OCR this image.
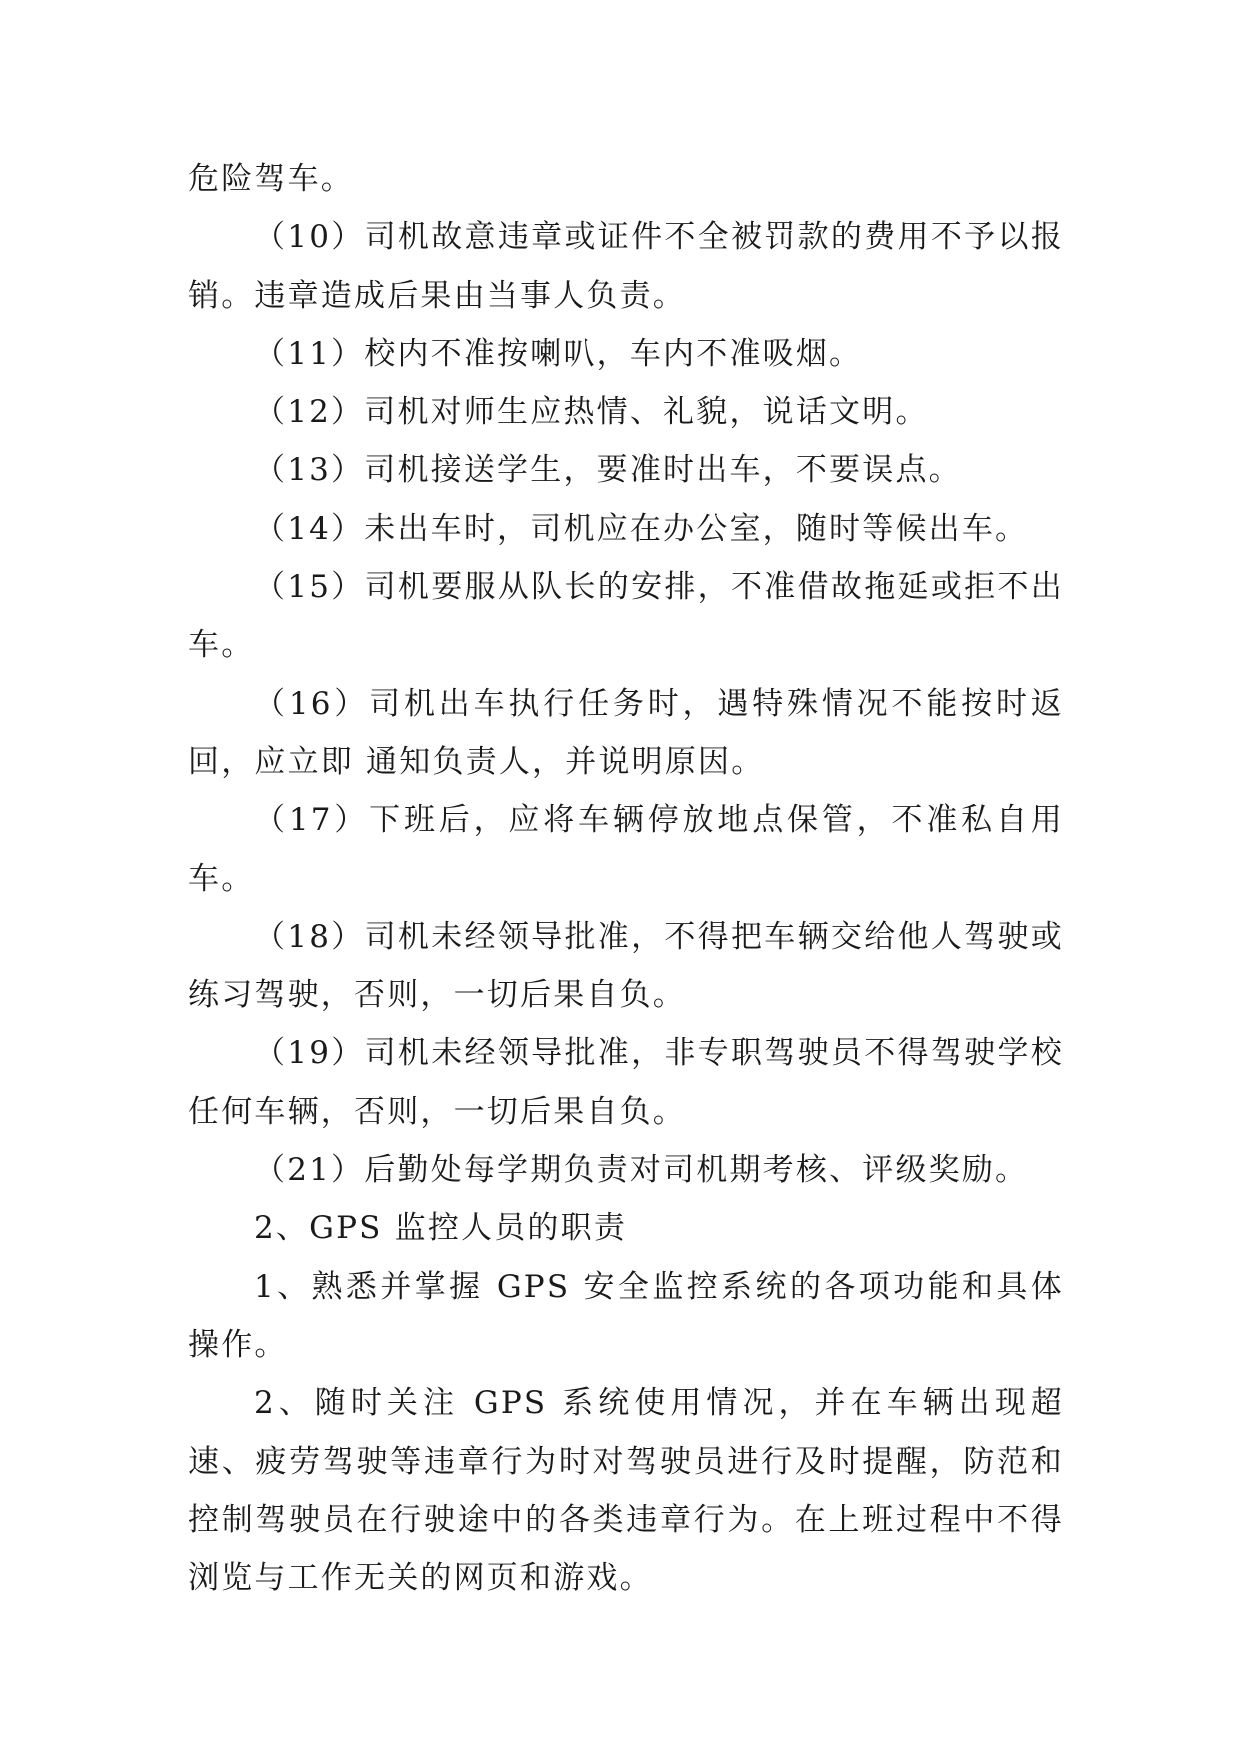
危险驾车。

（10）司机故意违章或证件不全被罚款的费用不予以报销。违章造成后果由当事人负责。

（11）校内不准按喇叭，车内不准吸烟。

（12）司机对师生应热情、礼貌，说话文明。

（13）司机接送学生，要准时出车，不要误点。

（14）未出车时，司机应在办公室，随时等候出车。

（15）司机要服从队长的安排，不准借故拖延或拒不出车。

（16）司机出车执行任务时，遇特殊情况不能按时返回，应立即 通知负责人，并说明原因。

（17）下班后，应将车辆停放地点保管，不准私自用车。

（18）司机未经领导批准，不得把车辆交给他人驾驶或练习驾驶，否则，一切后果自负。

（19）司机未经领导批准，非专职驾驶员不得驾驶学校任何车辆，否则，一切后果自负。

（21）后勤处每学期负责对司机期考核、评级奖励。

2、GPS 监控人员的职责

1、熟悉并掌握 GPS 安全监控系统的各项功能和具体操作。

2、随时关注 GPS 系统使用情况，并在车辆出现超速、疲劳驾驶等违章行为时对驾驶员进行及时提醒，防范和控制驾驶员在行驶途中的各类违章行为。在上班过程中不得浏览与工作无关的网页和游戏。
